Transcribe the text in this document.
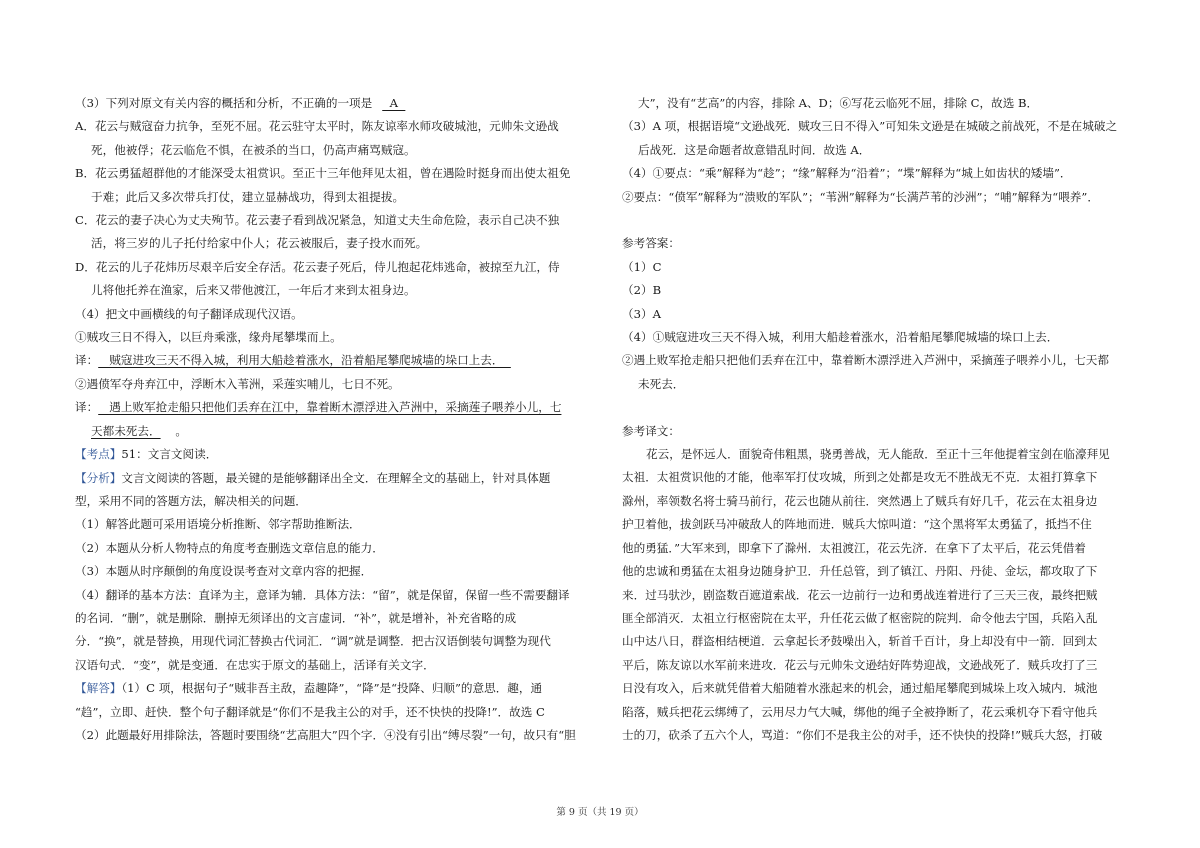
（3）下列对原文有关内容的概括和分析，不正确的一项是  A

A．花云与贼寇奋力抗争，至死不屈。花云驻守太平时，陈友谅率水师攻破城池，元帅朱文逊战

死，他被俘；花云临危不惧，在被杀的当口，仍高声痛骂贼寇。

B．花云勇猛超群他的才能深受太祖赏识。至正十三年他拜见太祖，曾在遇险时挺身而出使太祖免

于难；此后又多次带兵打仗，建立显赫战功，得到太祖提拔。

C．花云的妻子决心为丈夫殉节。花云妻子看到战况紧急，知道丈夫生命危险，表示自己决不独

活，将三岁的儿子托付给家中仆人；花云被服后，妻子投水而死。

D．花云的儿子花炜历尽艰辛后安全存活。花云妻子死后，侍儿抱起花炜逃命，被掠至九江，侍

儿将他托养在渔家，后来又带他渡江，一年后才来到太祖身边。

（4）把文中画横线的句子翻译成现代汉语。

①贼攻三日不得入，以巨舟乘涨，缘舟尾攀堞而上。

译：   贼寇进攻三天不得入城，利用大船趁着涨水，沿着船尾攀爬城墙的垛口上去．

②遇偾军夺舟弃江中，浮断木入苇洲，采莲实哺儿，七日不死。

译：   遇上败军抢走船只把他们丢弃在江中，靠着断木漂浮进入芦洲中，采摘莲子喂养小儿，七

天都未死去．    。

【考点】51：文言文阅读．

【分析】文言文阅读的答题，最关键的是能够翻译出全文．在理解全文的基础上，针对具体题

型，采用不同的答题方法，解决相关的问题．

（1）解答此题可采用语境分析推断、邻字帮助推断法．

（2）本题从分析人物特点的角度考查删选文章信息的能力．

（3）本题从时序颠倒的角度设误考查对文章内容的把握．

（4）翻译的基本方法：直译为主，意译为辅．具体方法：“留”，就是保留，保留一些不需要翻译

的名词．“删”，就是删除．删掉无须译出的文言虚词．“补”，就是增补，补充省略的成

分．“换”，就是替换，用现代词汇替换古代词汇．“调”就是调整．把古汉语倒装句调整为现代

汉语句式．“变”，就是变通．在忠实于原文的基础上，活译有关文字．

【解答】（1）C 项，根据句子“贼非吾主敌，盍趣降”，“降”是“投降、归顺”的意思．趣，通

“趋”，立即、赶快．整个句子翻译就是“你们不是我主公的对手，还不快快的投降!”．故选 C

（2）此题最好用排除法，答题时要围绕“艺高胆大”四个字．④没有引出“缚尽裂”一句，故只有“胆

大”，没有“艺高”的内容，排除 A、D；⑥写花云临死不屈，排除 C，故选 B．

（3）A 项，根据语境“文逊战死．贼攻三日不得入”可知朱文逊是在城破之前战死，不是在城破之

后战死．这是命题者故意错乱时间．故选 A．

（4）①要点：“乘”解释为“趁”；“缘”解释为“沿着”；“堞”解释为“城上如齿状的矮墙”．

②要点：“偾军”解释为“溃败的军队”；“苇洲”解释为“长满芦苇的沙洲”；“哺”解释为“喂养”．

参考答案：

（1）C

（2）B

（3）A

（4）①贼寇进攻三天不得入城，利用大船趁着涨水，沿着船尾攀爬城墙的垛口上去．

②遇上败军抢走船只把他们丢弃在江中，靠着断木漂浮进入芦洲中，采摘莲子喂养小儿，七天都

未死去．

参考译文：

花云，是怀远人．面貌奇伟粗黑，骁勇善战，无人能敌．至正十三年他提着宝剑在临濠拜见

太祖．太祖赏识他的才能，他率军打仗攻城，所到之处都是攻无不胜战无不克．太祖打算拿下

滁州，率领数名将士骑马前行，花云也随从前往．突然遇上了贼兵有好几千，花云在太祖身边

护卫着他，拔剑跃马冲破敌人的阵地而进．贼兵大惊叫道：“这个黑将军太勇猛了，抵挡不住

他的勇猛．”大军来到，即拿下了滁州．太祖渡江，花云先济．在拿下了太平后，花云凭借着

他的忠诚和勇猛在太祖身边随身护卫．升任总管，到了镇江、丹阳、丹徒、金坛，都攻取了下

来．过马驮沙，剧盗数百遮道索战．花云一边前行一边和勇战连着进行了三天三夜，最终把贼

匪全部消灭．太祖立行枢密院在太平，升任花云做了枢密院的院判．命令他去宁国，兵陷入乱

山中达八日，群盗相结梗道．云拿起长矛鼓噪出入，斩首千百计，身上却没有中一箭．回到太

平后，陈友谅以水军前来进攻．花云与元帅朱文逊结好阵势迎战，文逊战死了．贼兵攻打了三

日没有攻入，后来就凭借着大船随着水涨起来的机会，通过船尾攀爬到城垛上攻入城内．城池

陷落，贼兵把花云绑缚了，云用尽力气大喊，绑他的绳子全被挣断了，花云乘机夺下看守他兵

士的刀，砍杀了五六个人，骂道：“你们不是我主公的对手，还不快快的投降!”贼兵大怒，打破

第 9 页（共 19 页）
